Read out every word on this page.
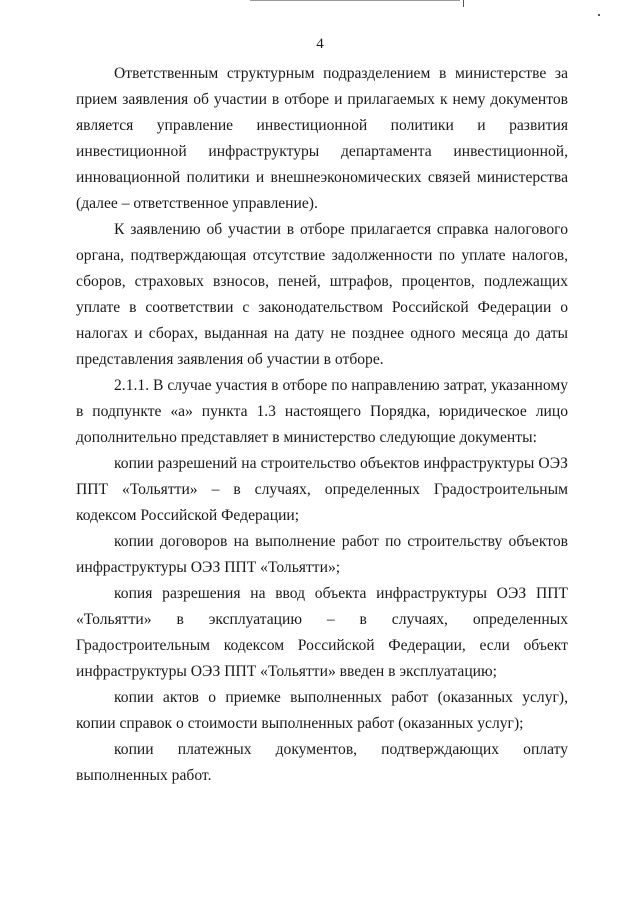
4

Ответственным структурным подразделением в министерстве за прием заявления об участии в отборе и прилагаемых к нему документов является управление инвестиционной политики и развития инвестиционной инфраструктуры департамента инвестиционной, инновационной политики и внешнеэкономических связей министерства (далее – ответственное управление).

К заявлению об участии в отборе прилагается справка налогового органа, подтверждающая отсутствие задолженности по уплате налогов, сборов, страховых взносов, пеней, штрафов, процентов, подлежащих уплате в соответствии с законодательством Российской Федерации о налогах и сборах, выданная на дату не позднее одного месяца до даты представления заявления об участии в отборе.

2.1.1. В случае участия в отборе по направлению затрат, указанному в подпункте «а» пункта 1.3 настоящего Порядка, юридическое лицо дополнительно представляет в министерство следующие документы:

копии разрешений на строительство объектов инфраструктуры ОЭЗ ППТ «Тольятти» – в случаях, определенных Градостроительным кодексом Российской Федерации;

копии договоров на выполнение работ по строительству объектов инфраструктуры ОЭЗ ППТ «Тольятти»;

копия разрешения на ввод объекта инфраструктуры ОЭЗ ППТ «Тольятти» в эксплуатацию – в случаях, определенных Градостроительным кодексом Российской Федерации, если объект инфраструктуры ОЭЗ ППТ «Тольятти» введен в эксплуатацию;

копии актов о приемке выполненных работ (оказанных услуг), копии справок о стоимости выполненных работ (оказанных услуг);

копии платежных документов, подтверждающих оплату выполненных работ.
